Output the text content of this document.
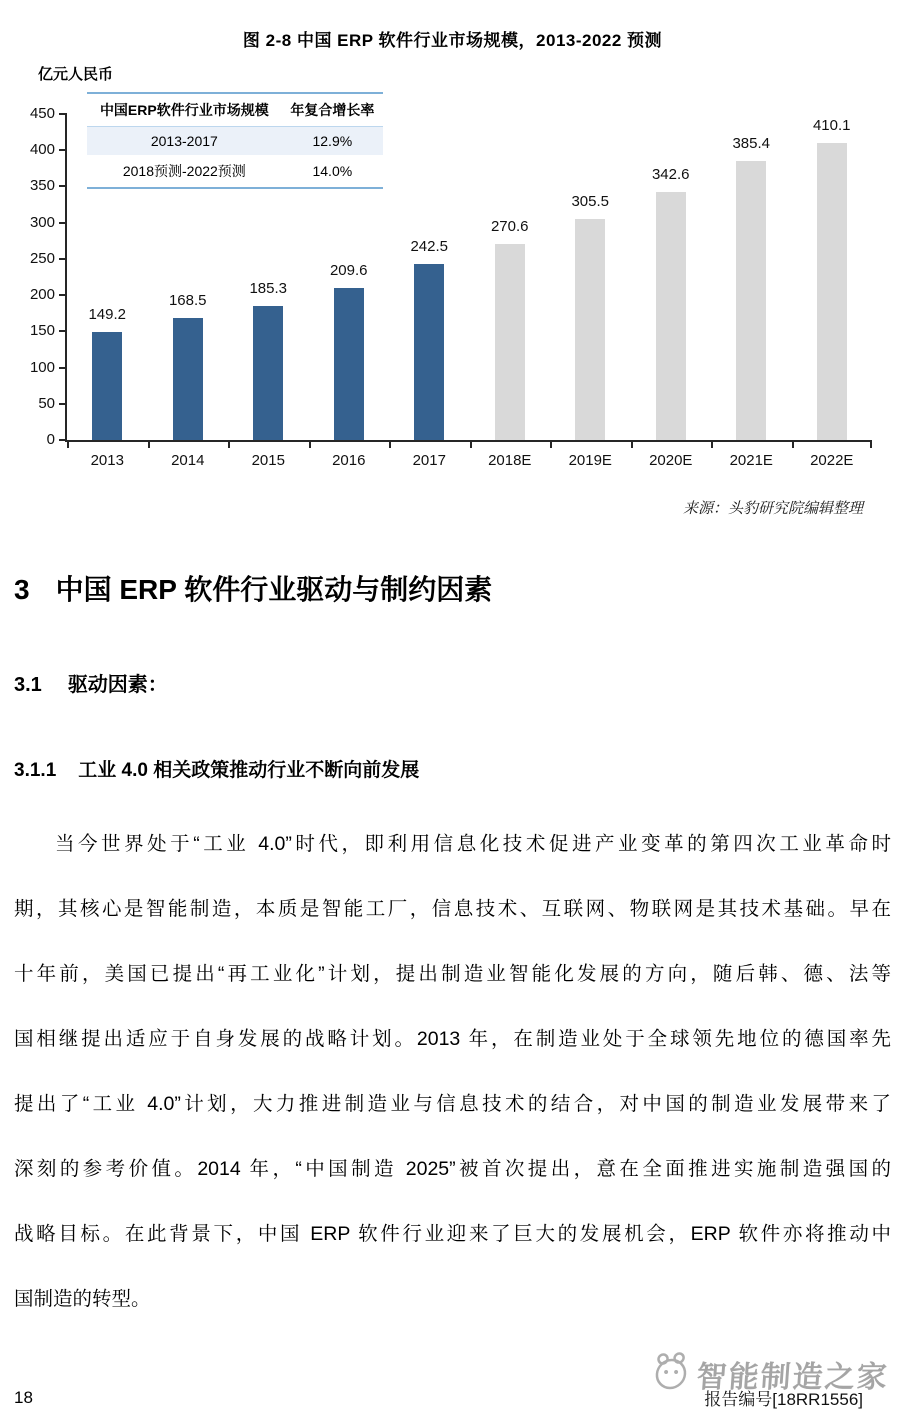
图 2-8 中国 ERP 软件行业市场规模，2013-2022 预测
亿元人民币
中国ERP软件行业市场规模	年复合增长率
2013-2017	12.9%
2018预测-2022预测	14.0%
0
50
100
150
200
250
300
350
400
450
149.2
2013
168.5
2014
185.3
2015
209.6
2016
242.5
2017
270.6
2018E
305.5
2019E
342.6
2020E
385.4
2021E
410.1
2022E
来源：头豹研究院编辑整理
3 中国 ERP 软件行业驱动与制约因素
3.1 驱动因素：
3.1.1 工业 4.0 相关政策推动行业不断向前发展
当今世界处于“工业 4.0”时代，即利用信息化技术促进产业变革的第四次工业革命时
期，其核心是智能制造，本质是智能工厂，信息技术、互联网、物联网是其技术基础。早在
十年前，美国已提出“再工业化”计划，提出制造业智能化发展的方向，随后韩、德、法等
国相继提出适应于自身发展的战略计划。2013 年，在制造业处于全球领先地位的德国率先
提出了“工业 4.0”计划，大力推进制造业与信息技术的结合，对中国的制造业发展带来了
深刻的参考价值。2014 年，“中国制造 2025”被首次提出，意在全面推进实施制造强国的
战略目标。在此背景下，中国 ERP 软件行业迎来了巨大的发展机会，ERP 软件亦将推动中
国制造的转型。
18
智能制造之家
报告编号[18RR1556]
